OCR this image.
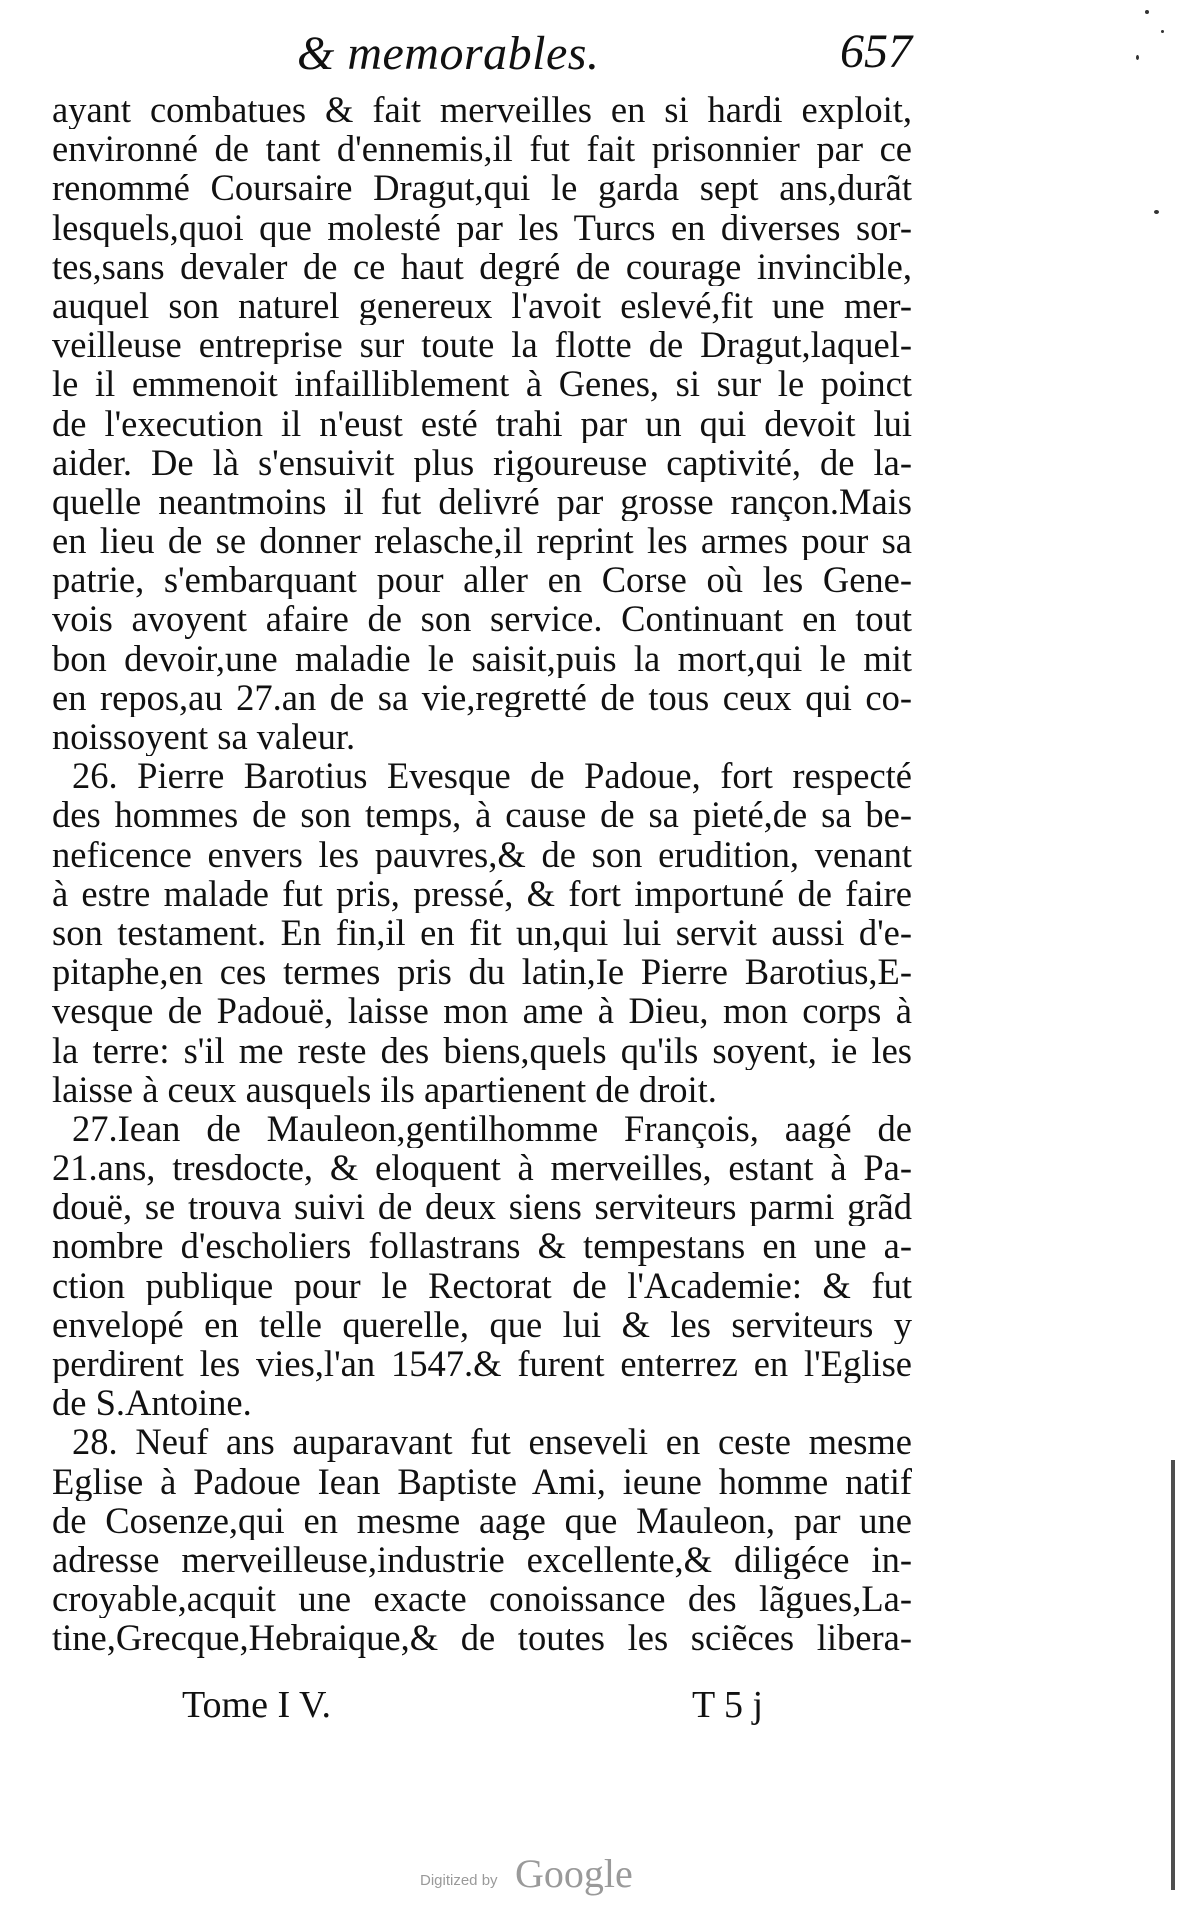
& memorables.	657
ayant combatues & fait merveilles en si hardi exploit,
environné de tant d'ennemis,il fut fait prisonnier par ce
renommé Coursaire Dragut,qui le garda sept ans,durãt
lesquels,quoi que molesté par les Turcs en diverses sor-
tes,sans devaler de ce haut degré de courage invincible,
auquel son naturel genereux l'avoit eslevé,fit une mer-
veilleuse entreprise sur toute la flotte de Dragut,laquel-
le il emmenoit infailliblement à Genes, si sur le poinct
de l'execution il n'eust esté trahi par un qui devoit lui
aider. De là s'ensuivit plus rigoureuse captivité, de la-
quelle neantmoins il fut delivré par grosse rançon.Mais
en lieu de se donner relasche,il reprint les armes pour sa
patrie, s'embarquant pour aller en Corse où les Gene-
vois avoyent afaire de son service. Continuant en tout
bon devoir,une maladie le saisit,puis la mort,qui le mit
en repos,au 27.an de sa vie,regretté de tous ceux qui co-
noissoyent sa valeur.
26. Pierre Barotius Evesque de Padoue, fort respecté
des hommes de son temps, à cause de sa pieté,de sa be-
neficence envers les pauvres,& de son erudition, venant
à estre malade fut pris, pressé, & fort importuné de faire
son testament. En fin,il en fit un,qui lui servit aussi d'e-
pitaphe,en ces termes pris du latin,Ie Pierre Barotius,E-
vesque de Padouë, laisse mon ame à Dieu, mon corps à
la terre: s'il me reste des biens,quels qu'ils soyent, ie les
laisse à ceux ausquels ils apartienent de droit.
27.Iean de Mauleon,gentilhomme François, aagé de
21.ans, tresdocte, & eloquent à merveilles, estant à Pa-
douë, se trouva suivi de deux siens serviteurs parmi grãd
nombre d'escholiers follastrans & tempestans en une a-
ction publique pour le Rectorat de l'Academie: & fut
envelopé en telle querelle, que lui & les serviteurs y
perdirent les vies,l'an 1547.& furent enterrez en l'Eglise
de S.Antoine.
28. Neuf ans auparavant fut enseveli en ceste mesme
Eglise à Padoue Iean Baptiste Ami, ieune homme natif
de Cosenze,qui en mesme aage que Mauleon, par une
adresse merveilleuse,industrie excellente,& diligéce in-
croyable,acquit une exacte conoissance des lãgues,La-
tine,Grecque,Hebraique,& de toutes les sciẽces libera-
Tome I V.	T 5 j
Digitized by Google
